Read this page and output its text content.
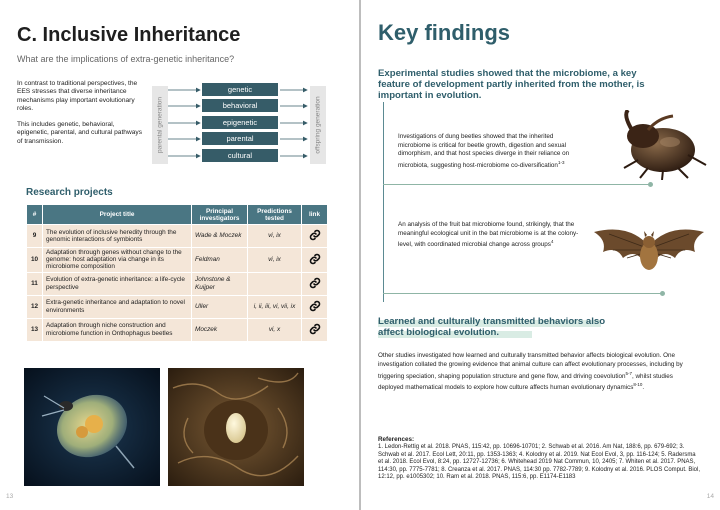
C. Inclusive Inheritance
What are the implications of extra-genetic inheritance?

In contrast to traditional perspectives, the EES stresses that diverse inheritance mechanisms play important evolutionary roles.

This includes genetic, behavioral, epigenetic, parental, and cultural pathways of transmission.	parental generation	offspring generation
genetic
behavioral
epigenetic
parental
cultural
Research projects
#	Project title	Principal investigators	Predictions tested	link
9	The evolution of inclusive heredity through the genomic interactions of symbionts	Wade & Moczek	vi, ix	
10	Adaptation through genes without change to the genome: host adaptation via change in its microbiome composition	Feldman	vi, ix	
11	Evolution of extra-genetic inheritance: a life-cycle perspective	Johnstone & Kuijper		
12	Extra-genetic inheritance and adaptation to novel environments	Uller	i, ii, iii, vi, vii, ix	
13	Adaptation through niche construction and microbiome function in Onthophagus beetles	Moczek	vi, x	
13
Key findings
Experimental studies showed that the microbiome, a key feature of development partly inherited from the mother, is important in evolution.
Investigations of dung beetles showed that the inherited microbiome is critical for beetle growth, digestion and sexual dimorphism, and that host species diverge in their reliance on microbiota, suggesting host-microbiome co-diversification$^{1-3}$
An analysis of the fruit bat microbiome found, strikingly, that the meaningful ecological unit in the bat microbiome is at the colony-level, with coordinated microbial change across groups$^4$
Learned and culturally transmitted behaviors also affect biological evolution.
Other studies investigated how learned and culturally transmitted behavior affects biological evolution. One investigation collated the growing evidence that animal culture can affect evolutionary processes, including by triggering speciation, shaping population structure and gene flow, and driving coevolution$^{5-7}$, whilst studies deployed mathematical models to explore how culture affects human evolutionary dynamics$^{8-10}$.
References:
1. Ledon-Rettig et al. 2018. PNAS, 115:42, pp. 10696-10701; 2. Schwab et al. 2016. Am Nat, 188:6, pp. 679-692; 3. Schwab et al. 2017. Ecol Lett, 20:11, pp. 1353-1363; 4. Kolodny et al. 2019. Nat Ecol Evol, 3, pp. 116-124; 5. Radersma et al. 2018. Ecol Evol, 8:24, pp. 12727-12736; 6. Whitehead 2019 Nat Commun, 10, 2405; 7. Whiten et al. 2017. PNAS, 114:30, pp. 7775-7781; 8. Creanza et al. 2017. PNAS, 114:30 pp. 7782-7789; 9. Kolodny et al. 2016. PLOS Comput. Biol, 12:12, pp. e1005302; 10. Ram et al. 2018. PNAS, 115:6, pp. E1174-E1183
14
